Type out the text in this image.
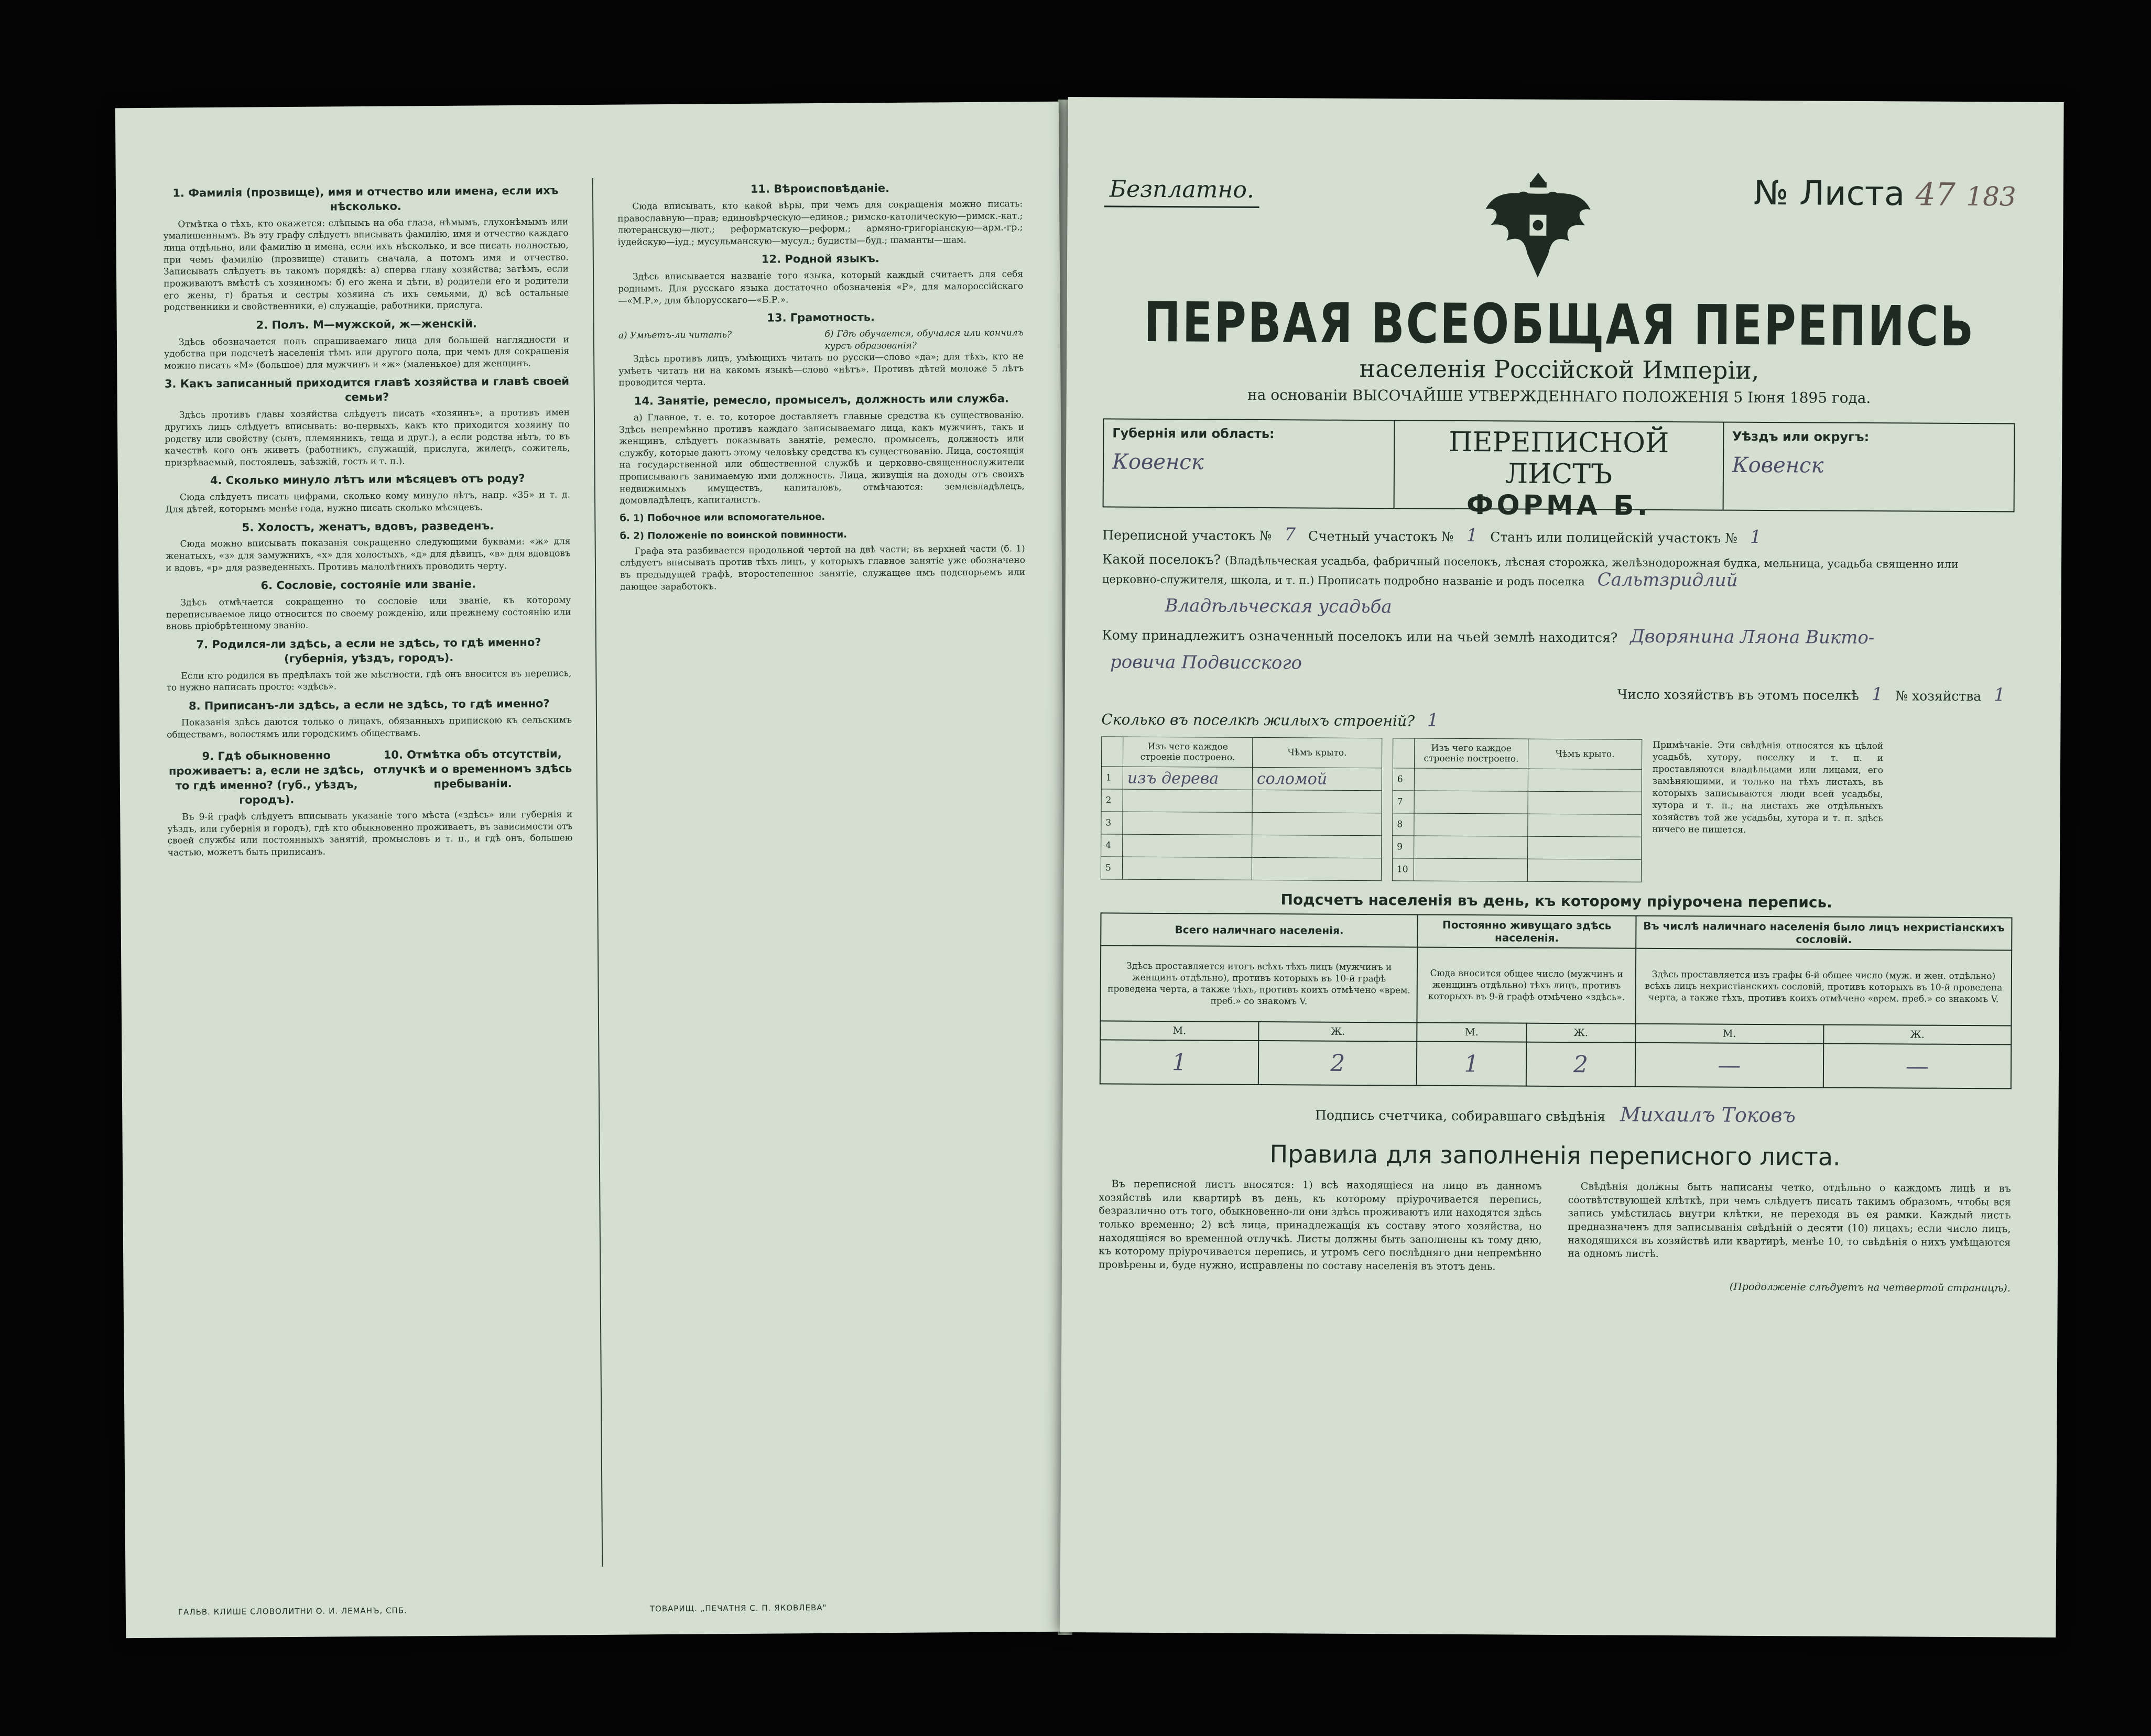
1. Фамилія (прозвище), имя и отчество или имена, если ихъ нѣсколько.

Отмѣтка о тѣхъ, кто окажется: слѣпымъ на оба глаза, нѣмымъ, глухонѣмымъ или умалишеннымъ. Въ эту графу слѣдуетъ вписывать фамилію, имя и отчество каждаго лица отдѣльно, или фамилію и имена, если ихъ нѣсколько, и все писать полностью, при чемъ фамилію (прозвище) ставить сначала, а потомъ имя и отчество. Записывать слѣдуетъ въ такомъ порядкѣ: а) сперва главу хозяйства; затѣмъ, если проживаютъ вмѣстѣ съ хозяиномъ: б) его жена и дѣти, в) родители его и родители его жены, г) братья и сестры хозяина съ ихъ семьями, д) всѣ остальные родственники и свойственники, е) служащіе, работники, прислуга.

2. Полъ. М—мужской, ж—женскій.

Здѣсь обозначается полъ спрашиваемаго лица для большей наглядности и удобства при подсчетѣ населенія тѣмъ или другого пола, при чемъ для сокращенія можно писать «М» (большое) для мужчинъ и «ж» (маленькое) для женщинъ.

3. Какъ записанный приходится главѣ хозяйства и главѣ своей семьи?

Здѣсь противъ главы хозяйства слѣдуетъ писать «хозяинъ», а противъ имен другихъ лицъ слѣдуетъ вписывать: во-первыхъ, какъ кто приходится хозяину по родству или свойству (сынъ, племянникъ, теща и друг.), а если родства нѣтъ, то въ качествѣ кого онъ живетъ (работникъ, служащій, прислуга, жилецъ, сожитель, призрѣваемый, постоялецъ, заѣзжій, гость и т. п.).

4. Сколько минуло лѣтъ или мѣсяцевъ отъ роду?

Сюда слѣдуетъ писать цифрами, сколько кому минуло лѣтъ, напр. «35» и т. д. Для дѣтей, которымъ менѣе года, нужно писать сколько мѣсяцевъ.

5. Холостъ, женатъ, вдовъ, разведенъ.

Сюда можно вписывать показанія сокращенно следующими буквами: «ж» для женатыхъ, «з» для замужнихъ, «х» для холостыхъ, «д» для дѣвицъ, «в» для вдовцовъ и вдовъ, «р» для разведенныхъ. Противъ малолѣтнихъ проводить черту.

6. Сословіе, состояніе или званіе.

Здѣсь отмѣчается сокращенно то сословіе или званіе, къ которому переписываемое лицо относится по своему рожденію, или прежнему состоянію или вновь пріобрѣтенному званію.

7. Родился-ли здѣсь, а если не здѣсь, то гдѣ именно? (губернія, уѣздъ, городъ).

Если кто родился въ предѣлахъ той же мѣстности, гдѣ онъ вносится въ перепись, то нужно написать просто: «здѣсь».

8. Приписанъ-ли здѣсь, а если не здѣсь, то гдѣ именно?

Показанія здѣсь даются только о лицахъ, обязанныхъ припискою къ сельскимъ обществамъ, волостямъ или городскимъ обществамъ.

9. Гдѣ обыкновенно проживаетъ: а, если не здѣсь, то гдѣ именно? (губ., уѣздъ, городъ).
10. Отмѣтка объ отсутствіи, отлучкѣ и о временномъ здѣсь пребываніи.

Въ 9-й графѣ слѣдуетъ вписывать указаніе того мѣста («здѣсь» или губернія и уѣздъ, или губернія и городъ), гдѣ кто обыкновенно проживаетъ, въ зависимости отъ своей службы или постоянныхъ занятій, промысловъ и т. п., и гдѣ онъ, большею частью, можетъ быть приписанъ.

11. Вѣроисповѣданіе.

Сюда вписывать, кто какой вѣры, при чемъ для сокращенія можно писать: православную—прав; единовѣрческую—единов.; римско-католическую—римск.-кат.; лютеранскую—лют.; реформатскую—реформ.; армяно-григоріанскую—арм.-гр.; іудейскую—іуд.; мусульманскую—мусул.; будисты—буд.; шаманты—шам.

12. Родной языкъ.

Здѣсь вписывается названіе того языка, который каждый считаетъ для себя роднымъ. Для русскаго языка достаточно обозначенія «Р», для малороссійскаго—«М.Р.», для бѣлорусскаго—«Б.Р.».

13. Грамотность.
а) Умѣетъ-ли читать?	б) Гдѣ обучается, обучался или кончилъ курсъ образованія?

Здѣсь противъ лицъ, умѣющихъ читать по русски—слово «да»; для тѣхъ, кто не умѣетъ читать ни на какомъ языкѣ—слово «нѣтъ». Противъ дѣтей моложе 5 лѣтъ проводится черта.

14. Занятіе, ремесло, промыселъ, должность или служба.

а) Главное, т. е. то, которое доставляетъ главные средства къ существованію. Здѣсь непремѣнно противъ каждаго записываемаго лица, какъ мужчинъ, такъ и женщинъ, слѣдуетъ показывать занятіе, ремесло, промыселъ, должность или службу, которые даютъ этому человѣку средства къ существованію. Лица, состоящія на государственной или общественной службѣ и церковно-священнослужители прописываютъ занимаемую ими должность. Лица, живущія на доходы отъ своихъ недвижимыхъ имуществъ, капиталовъ, отмѣчаются: землевладѣлецъ, домовладѣлецъ, капиталистъ.

б. 1) Побочное или вспомогательное.
б. 2) Положеніе по воинской повинности.

Графа эта разбивается продольной чертой на двѣ части; въ верхней части (б. 1) слѣдуетъ вписывать против тѣхъ лицъ, у которыхъ главное занятіе уже обозначено въ предыдущей графѣ, второстепенное занятіе, служащее имъ подспорьемъ или дающее заработокъ.

ГАЛЬВ. КЛИШЕ СЛОВОЛИТНИ О. И. ЛЕМАНЪ, СПБ.	ТОВАРИЩ. „ПЕЧАТНЯ С. П. ЯКОВЛЕВА"
Безплатно.	№ Листа 47 183
ПЕРВАЯ ВСЕОБЩАЯ ПЕРЕПИСЬ
населенія Россійской Имперіи,
на основаніи ВЫСОЧАЙШЕ УТВЕРЖДЕННАГО ПОЛОЖЕНІЯ 5 Іюня 1895 года.
Губернія или область:
Ковенск
ПЕРЕПИСНОЙ ЛИСТЪ
ФОРМА Б.
Уѣздъ или округъ:
Ковенск
Переписной участокъ № 7 Счетный участокъ № 1 Станъ или полицейскій участокъ № 1
Какой поселокъ? (Владѣльческая усадьба, фабричный поселокъ, лѣсная сторожка, желѣзнодорожная будка, мельница, усадьба священно или церковно-служителя, школа, и т. п.) Прописать подробно названіе и родъ поселка Сальтзридлий
Владѣльческая усадьба
Кому принадлежитъ означенный поселокъ или на чьей землѣ находится? Дворянина Ляона Викто-
ровича Подвисского
Число хозяйствъ въ этомъ поселкѣ 1 № хозяйства 1
Сколько въ поселкѣ жилыхъ строеній? 1
	Изъ чего каждое строеніе построено.	Чѣмъ крыто.
1	изъ дерева	соломой
2		
3		
4		
5		
	Изъ чего каждое строеніе построено.	Чѣмъ крыто.
6		
7		
8		
9		
10		
Примѣчаніе. Эти свѣдѣнія относятся къ цѣлой усадьбѣ, хутору, поселку и т. п. и проставляются владѣльцами или лицами, его замѣняющими, и только на тѣхъ листахъ, въ которыхъ записываются люди всей усадьбы, хутора и т. п.; на листахъ же отдѣльныхъ хозяйствъ той же усадьбы, хутора и т. п. здѣсь ничего не пишется.
Подсчетъ населенія въ день, къ которому пріурочена перепись.
Всего наличнаго населенія.		Постоянно живущаго здѣсь населенія.		Въ числѣ наличнаго населенія было лицъ нехристіанскихъ сословій.	
Здѣсь проставляется итогъ всѣхъ тѣхъ лицъ (мужчинъ и женщинъ отдѣльно), противъ которыхъ въ 10-й графѣ проведена черта, а также тѣхъ, противъ коихъ отмѣчено «врем. преб.» со знакомъ V.		Сюда вносится общее число (мужчинъ и женщинъ отдѣльно) тѣхъ лицъ, противъ которыхъ въ 9-й графѣ отмѣчено «здѣсь».		Здѣсь проставляется изъ графы 6-й общее число (муж. и жен. отдѣльно) всѣхъ лицъ нехристіанскихъ сословій, противъ которыхъ въ 10-й проведена черта, а также тѣхъ, противъ коихъ отмѣчено «врем. преб.» со знакомъ V.	
М.	Ж.	М.	Ж.	М.	Ж.
1	2	1	2	—	—
Подпись счетчика, собиравшаго свѣдѣнія Михаилъ Токовъ
Правила для заполненія переписного листа.

Въ переписной листъ вносятся: 1) всѣ находящіеся на лицо въ данномъ хозяйствѣ или квартирѣ въ день, къ которому пріурочивается перепись, безразлично отъ того, обыкновенно-ли они здѣсь проживаютъ или находятся здѣсь только временно; 2) всѣ лица, принадлежащія къ составу этого хозяйства, но находящіяся во временной отлучкѣ. Листы должны быть заполнены къ тому дню, къ которому пріурочивается перепись, и утромъ сего послѣдняго дни непремѣнно провѣрены и, буде нужно, исправлены по составу населенія въ этотъ день.

Свѣдѣнія должны быть написаны четко, отдѣльно о каждомъ лицѣ и въ соотвѣтствующей клѣткѣ, при чемъ слѣдуетъ писать такимъ образомъ, чтобы вся запись умѣстилась внутри клѣтки, не переходя въ ея рамки. Каждый листъ предназначенъ для записыванія свѣдѣній о десяти (10) лицахъ; если число лицъ, находящихся въ хозяйствѣ или квартирѣ, менѣе 10, то свѣдѣнія о нихъ умѣщаются на одномъ листѣ.

(Продолженіе слѣдуетъ на четвертой страницѣ).
